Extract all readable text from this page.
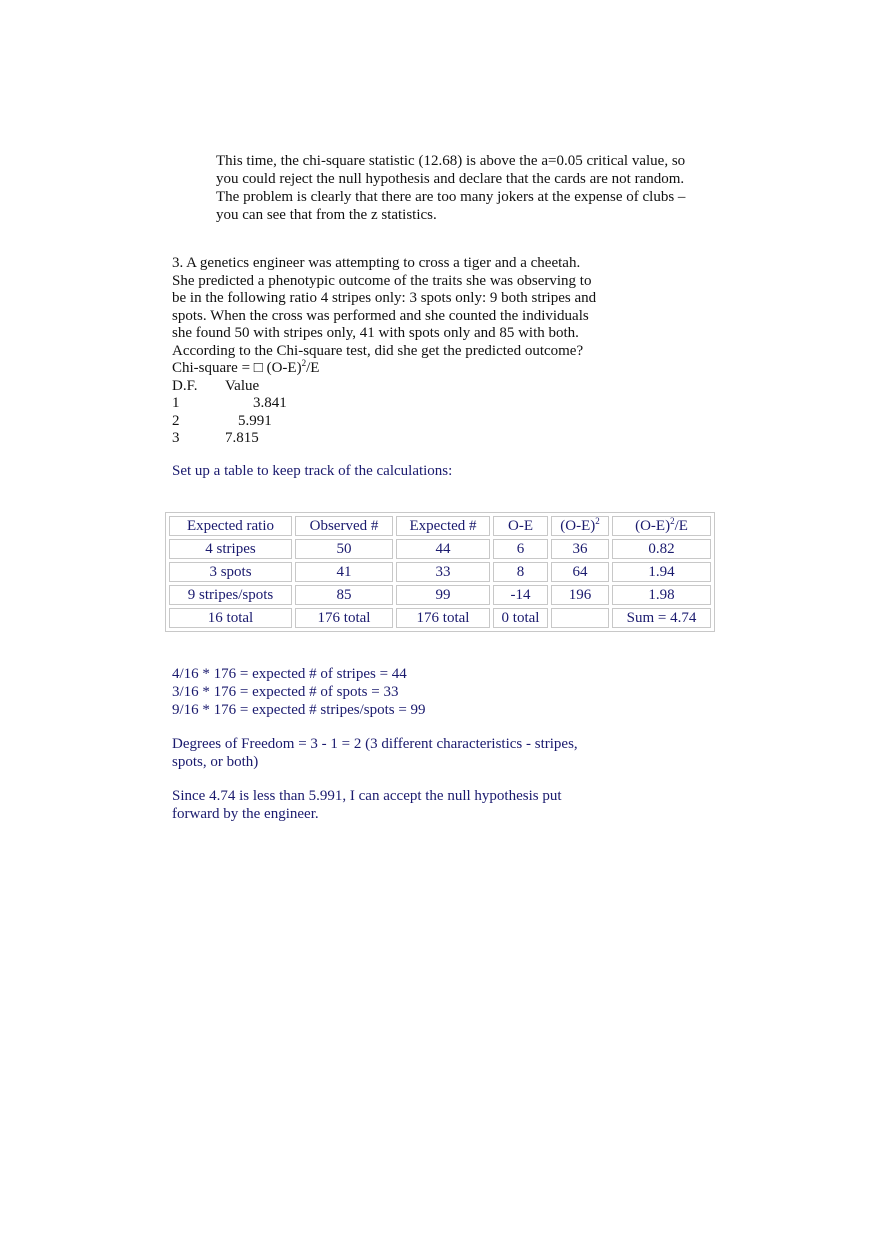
This time, the chi-square statistic (12.68) is above the a=0.05 critical value, so
you could reject the null hypothesis and declare that the cards are not random.
The problem is clearly that there are too many jokers at the expense of clubs –
you can see that from the z statistics.
3. A genetics engineer was attempting to cross a tiger and a cheetah.
She predicted a phenotypic outcome of the traits she was observing to
be in the following ratio 4 stripes only: 3 spots only: 9 both stripes and
spots. When the cross was performed and she counted the individuals
she found 50 with stripes only, 41 with spots only and 85 with both.
According to the Chi-square test, did she get the predicted outcome?
Chi-square = □ $(O-E)^2/E$
D.F.	Value
1	3.841
2	5.991
3	7.815
Set up a table to keep track of the calculations:
Expected ratio	Observed #	Expected #	O-E	$(O-E)^2$	$(O-E)^2/E$
4 stripes	50	44	6	36	0.82
3 spots	41	33	8	64	1.94
9 stripes/spots	85	99	-14	196	1.98
16 total	176 total	176 total	0 total		Sum = 4.74
4/16 * 176 = expected # of stripes = 44
3/16 * 176 = expected # of spots = 33
9/16 * 176 = expected # stripes/spots = 99
Degrees of Freedom = 3 - 1 = 2 (3 different characteristics - stripes,
spots, or both)
Since 4.74 is less than 5.991, I can accept the null hypothesis put
forward by the engineer.
